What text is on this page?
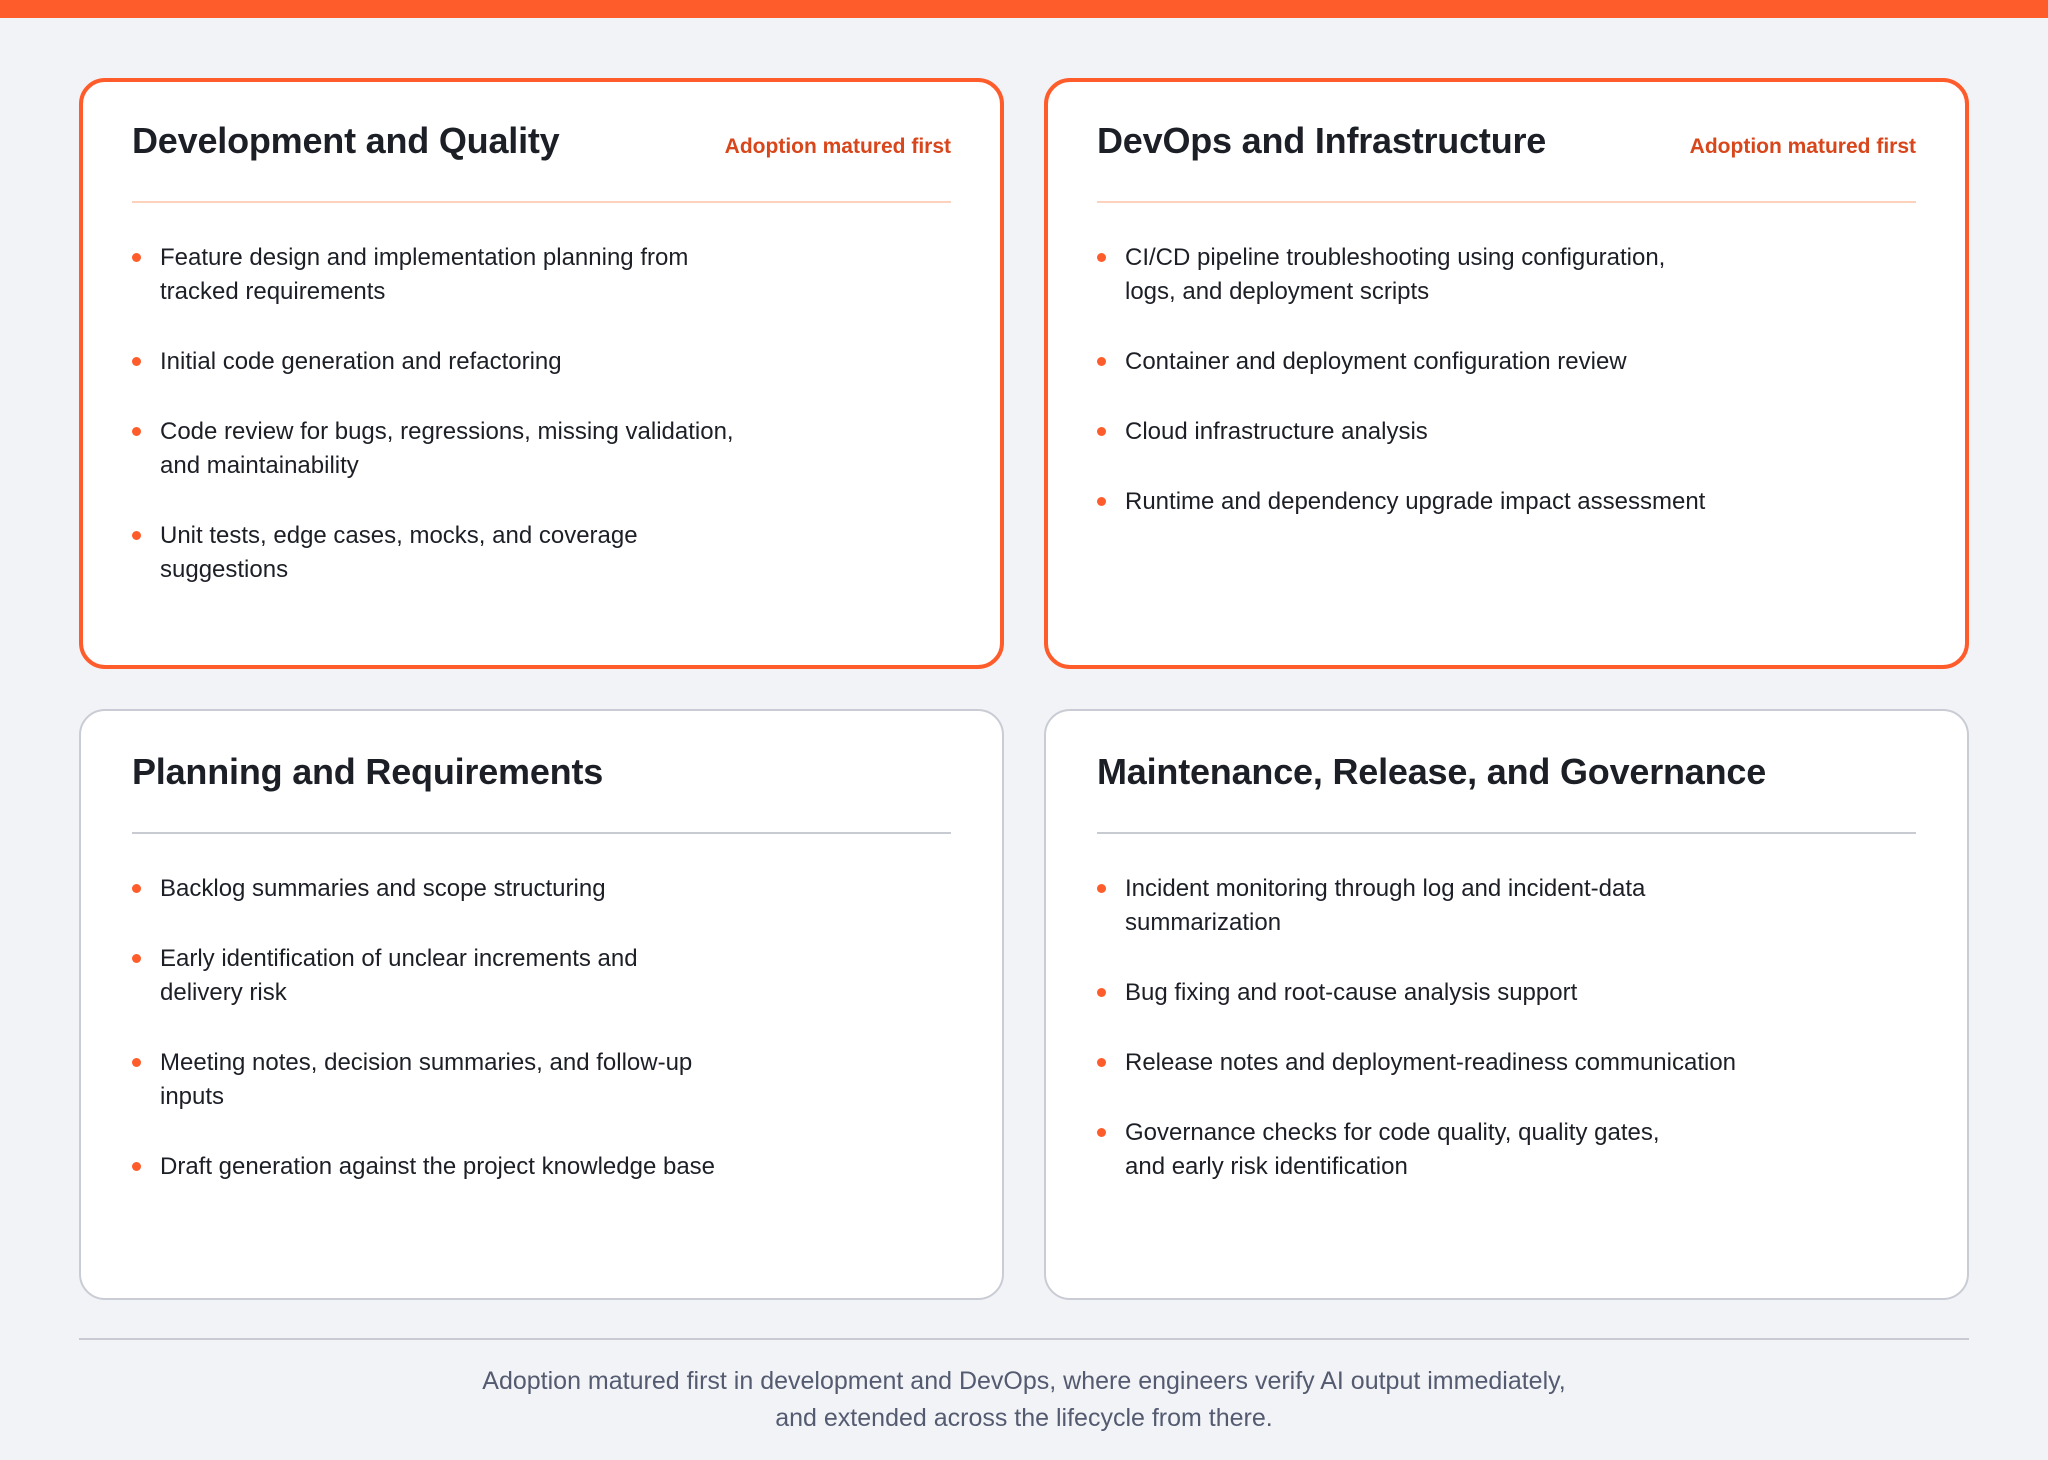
Development and Quality	Adoption matured first
Feature design and implementation planning from
tracked requirements
Initial code generation and refactoring
Code review for bugs, regressions, missing validation,
and maintainability
Unit tests, edge cases, mocks, and coverage suggestions
DevOps and Infrastructure	Adoption matured first
CI/CD pipeline troubleshooting using configuration,
logs, and deployment scripts
Container and deployment configuration review
Cloud infrastructure analysis
Runtime and dependency upgrade impact assessment
Planning and Requirements
Backlog summaries and scope structuring
Early identification of unclear increments and
delivery risk
Meeting notes, decision summaries, and follow-up
inputs
Draft generation against the project knowledge base
Maintenance, Release, and Governance
Incident monitoring through log and incident-data
summarization
Bug fixing and root-cause analysis support
Release notes and deployment-readiness communication
Governance checks for code quality, quality gates,
and early risk identification

Adoption matured first in development and DevOps, where engineers verify AI output immediately,
and extended across the lifecycle from there.
